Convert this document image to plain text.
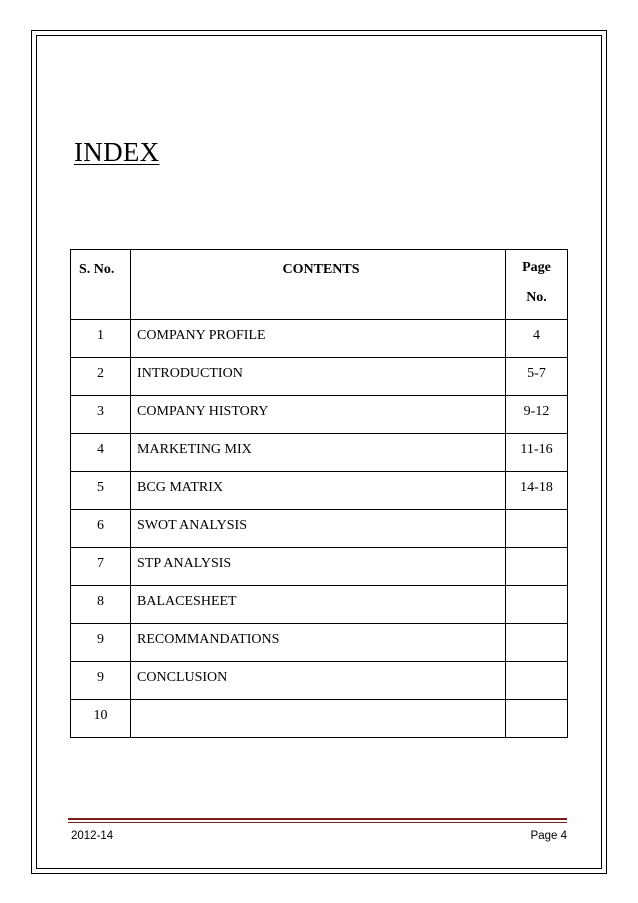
INDEX
S. No.	CONTENTS	Page
No.

1	COMPANY PROFILE	4

2	INTRODUCTION	5-7

3	COMPANY HISTORY	9-12

4	MARKETING MIX	11-16

5	BCG MATRIX	14-18

6	SWOT ANALYSIS	

7	STP ANALYSIS	

8	BALACESHEET	

9	RECOMMANDATIONS	

9	CONCLUSION	

10		

2012-14	Page 4
